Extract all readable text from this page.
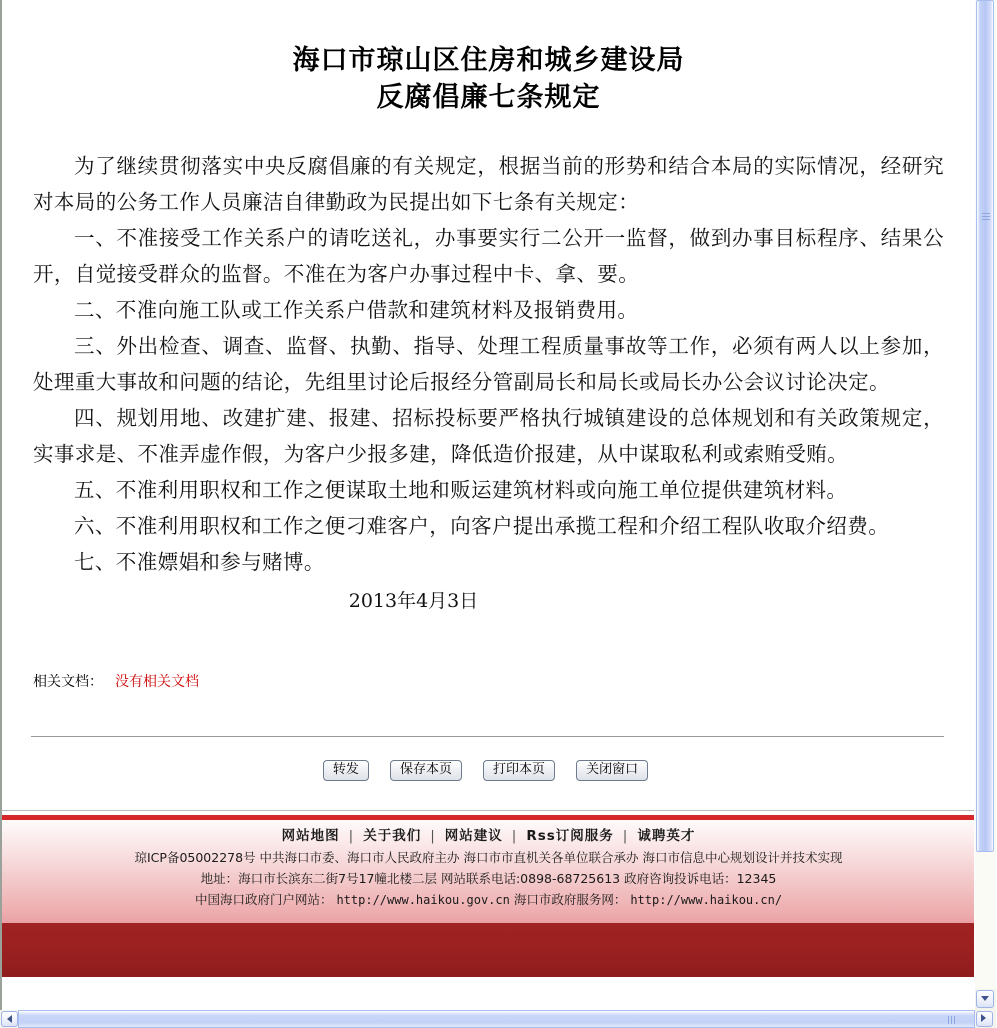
海口市琼山区住房和城乡建设局
反腐倡廉七条规定

为了继续贯彻落实中央反腐倡廉的有关规定，根据当前的形势和结合本局的实际情况，经研究对本局的公务工作人员廉洁自律勤政为民提出如下七条有关规定：

一、不准接受工作关系户的请吃送礼，办事要实行二公开一监督，做到办事目标程序、结果公开，自觉接受群众的监督。不准在为客户办事过程中卡、拿、要。

二、不准向施工队或工作关系户借款和建筑材料及报销费用。

三、外出检查、调查、监督、执勤、指导、处理工程质量事故等工作，必须有两人以上参加，处理重大事故和问题的结论，先组里讨论后报经分管副局长和局长或局长办公会议讨论决定。

四、规划用地、改建扩建、报建、招标投标要严格执行城镇建设的总体规划和有关政策规定，实事求是、不准弄虚作假，为客户少报多建，降低造价报建，从中谋取私利或索贿受贿。

五、不准利用职权和工作之便谋取土地和贩运建筑材料或向施工单位提供建筑材料。

六、不准利用职权和工作之便刁难客户，向客户提出承揽工程和介绍工程队收取介绍费。

七、不准嫖娼和参与赌博。

2013年4月3日
相关文档： 没有相关文档
转发	保存本页	打印本页	关闭窗口
网站地图 | 关于我们 | 网站建议 | Rss订阅服务 | 诚聘英才
琼ICP备05002278号 中共海口市委、海口市人民政府主办 海口市市直机关各单位联合承办 海口市信息中心规划设计并技术实现
地址：海口市长滨东二街7号17幢北楼二层 网站联系电话:0898-68725613 政府咨询投诉电话：12345
中国海口政府门户网站： http://www.haikou.gov.cn 海口市政府服务网： http://www.haikou.cn/
